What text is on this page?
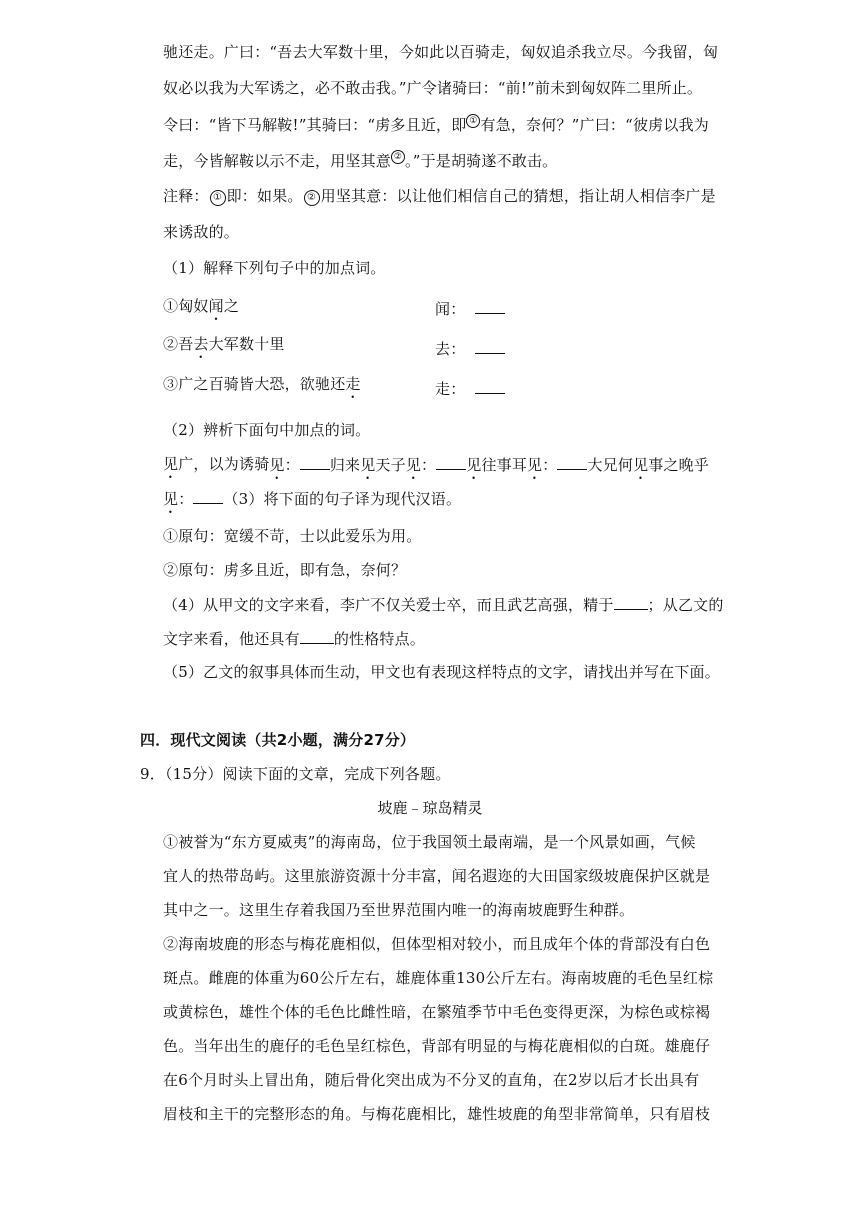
驰还走。广曰：“吾去大军数十里，今如此以百骑走，匈奴追杀我立尽。今我留，匈
奴必以我为大军诱之，必不敢击我。”广令诸骑曰：“前!”前未到匈奴阵二里所止。
令曰：“皆下马解鞍!”其骑曰：“虏多且近，即 ① 有急，奈何？”广曰：“彼虏以我为
走，今皆解鞍以示不走，用坚其意 ② 。”于是胡骑遂不敢击。
注释： ① 即：如果。 ② 用坚其意：以让他们相信自己的猜想，指让胡人相信李广是
来诱敌的。
（1）解释下列句子中的加点词。
①匈奴闻之	闻：
②吾去大军数十里	去：
③广之百骑皆大恐，欲驰还走	走：
（2）辨析下面句中加点的词。
见广，以为诱骑 见： 归来见天子见： 见往事耳见： 大兄何见事之晚乎
见： （3）将下面的句子译为现代汉语。
①原句：宽缓不苛，士以此爱乐为用。
②原句：虏多且近，即有急，奈何？
（4）从甲文的文字来看，李广不仅关爱士卒，而且武艺高强，精于 ；从乙文的
文字来看，他还具有 的性格特点。
（5）乙文的叙事具体而生动，甲文也有表现这样特点的文字，请找出并写在下面。
四．现代文阅读（共2小题，满分27分）
9．（15分）阅读下面的文章，完成下列各题。
坡鹿﹣琼岛精灵
①被誉为“东方夏威夷”的海南岛，位于我国领土最南端，是一个风景如画，气候
宜人的热带岛屿。这里旅游资源十分丰富，闻名遐迩的大田国家级坡鹿保护区就是
其中之一。这里生存着我国乃至世界范围内唯一的海南坡鹿野生种群。
②海南坡鹿的形态与梅花鹿相似，但体型相对较小，而且成年个体的背部没有白色
斑点。雌鹿的体重为60公斤左右，雄鹿体重130公斤左右。海南坡鹿的毛色呈红棕
或黄棕色，雄性个体的毛色比雌性暗，在繁殖季节中毛色变得更深，为棕色或棕褐
色。当年出生的鹿仔的毛色呈红棕色，背部有明显的与梅花鹿相似的白斑。雄鹿仔
在6个月时头上冒出角，随后骨化突出成为不分叉的直角，在2岁以后才长出具有
眉枝和主干的完整形态的角。与梅花鹿相比，雄性坡鹿的角型非常简单，只有眉枝
